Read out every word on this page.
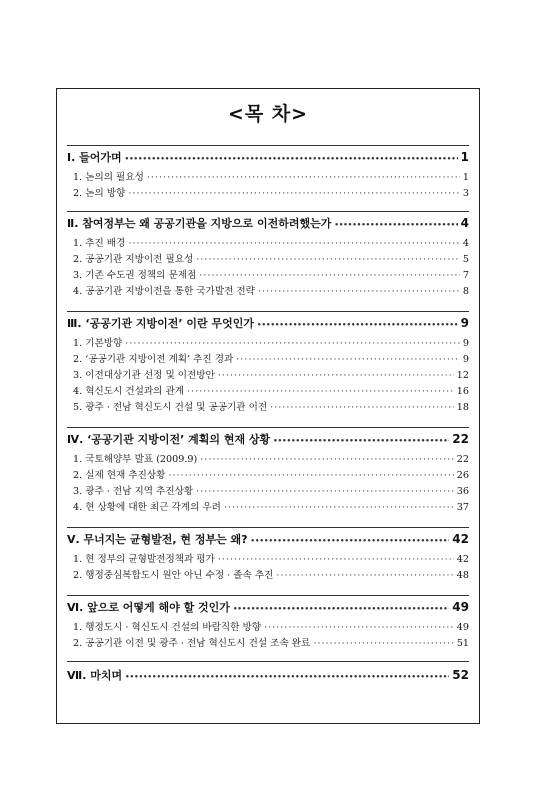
<목 차>
Ⅰ. 들어가며 •••••	1
1. 논의의 필요성 ·····	1
2. 논의 방향 ·····	3
Ⅱ. 참여정부는 왜 공공기관을 지방으로 이전하려했는가 •••••	4
1. 추진 배경 ·····	4
2. 공공기관 지방이전 필요성 ·····	5
3. 기존 수도권 정책의 문제점 ·····	7
4. 공공기관 지방이전을 통한 국가발전 전략 ·····	8
Ⅲ. ‘공공기관 지방이전’ 이란 무엇인가 •••••	9
1. 기본방향 ·····	9
2. ‘공공기관 지방이전 계획’ 추진 경과 ·····	9
3. 이전대상기관 선정 및 이전방안 ·····	12
4. 혁신도시 건설과의 관계 ·····	16
5. 광주 · 전남 혁신도시 건설 및 공공기관 이전 ·····	18
Ⅳ. ‘공공기관 지방이전’ 계획의 현재 상황 •••••	22
1. 국토해양부 발표 (2009.9) ·····	22
2. 실제 현재 추진상황 ·····	26
3. 광주 · 전남 지역 추진상황 ·····	36
4. 현 상황에 대한 최근 각계의 우려 ·····	37
Ⅴ. 무너지는 균형발전, 현 정부는 왜? •••••	42
1. 현 정부의 균형발전정책과 평가 ·····	42
2. 행정중심복합도시 원안 아닌 수정 · 졸속 추진 ·····	48
Ⅵ. 앞으로 어떻게 해야 할 것인가 •••••	49
1. 행정도시 · 혁신도시 건설의 바람직한 방향 ·····	49
2. 공공기관 이전 및 광주 · 전남 혁신도시 건설 조속 완료 ·····	51
Ⅶ. 마치며 •••••	52
